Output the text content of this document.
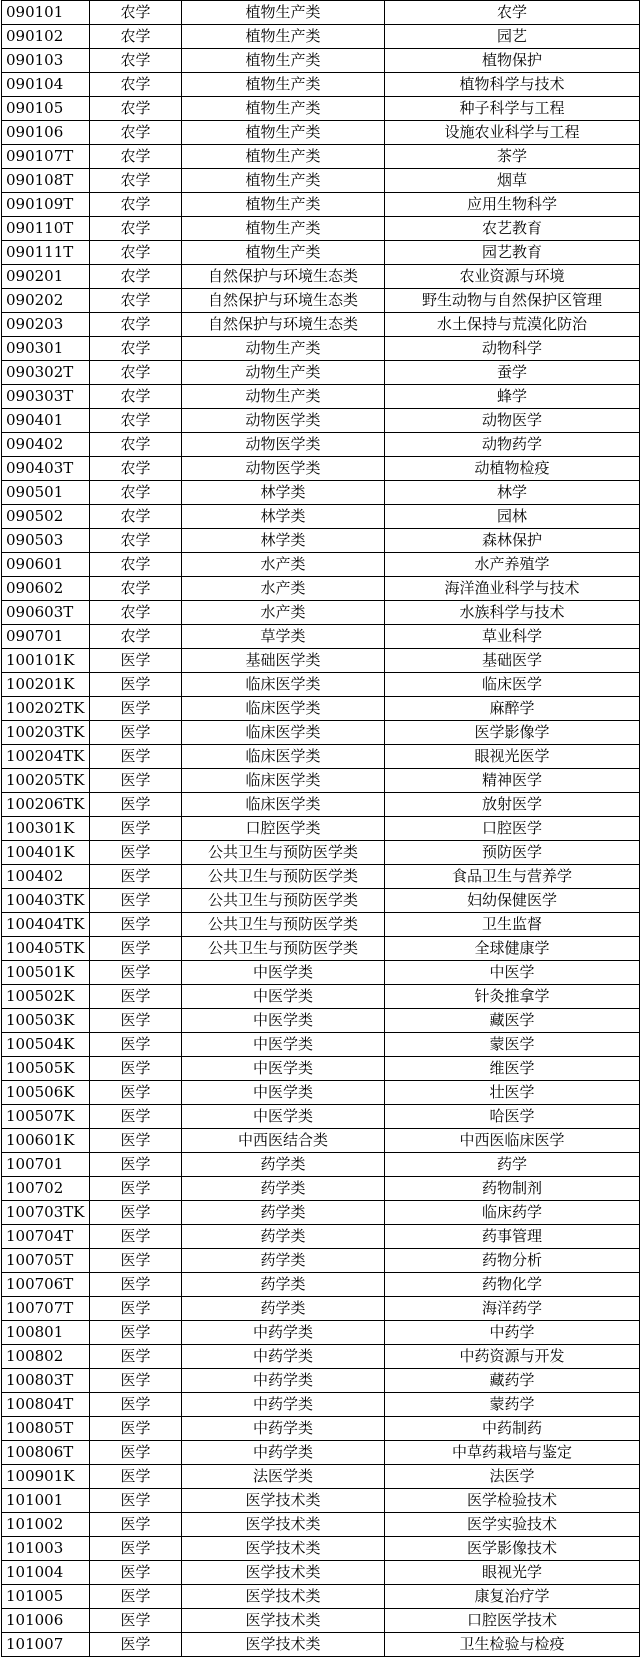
090101	农学	植物生产类	农学
090102	农学	植物生产类	园艺
090103	农学	植物生产类	植物保护
090104	农学	植物生产类	植物科学与技术
090105	农学	植物生产类	种子科学与工程
090106	农学	植物生产类	设施农业科学与工程
090107T	农学	植物生产类	茶学
090108T	农学	植物生产类	烟草
090109T	农学	植物生产类	应用生物科学
090110T	农学	植物生产类	农艺教育
090111T	农学	植物生产类	园艺教育
090201	农学	自然保护与环境生态类	农业资源与环境
090202	农学	自然保护与环境生态类	野生动物与自然保护区管理
090203	农学	自然保护与环境生态类	水土保持与荒漠化防治
090301	农学	动物生产类	动物科学
090302T	农学	动物生产类	蚕学
090303T	农学	动物生产类	蜂学
090401	农学	动物医学类	动物医学
090402	农学	动物医学类	动物药学
090403T	农学	动物医学类	动植物检疫
090501	农学	林学类	林学
090502	农学	林学类	园林
090503	农学	林学类	森林保护
090601	农学	水产类	水产养殖学
090602	农学	水产类	海洋渔业科学与技术
090603T	农学	水产类	水族科学与技术
090701	农学	草学类	草业科学
100101K	医学	基础医学类	基础医学
100201K	医学	临床医学类	临床医学
100202TK	医学	临床医学类	麻醉学
100203TK	医学	临床医学类	医学影像学
100204TK	医学	临床医学类	眼视光医学
100205TK	医学	临床医学类	精神医学
100206TK	医学	临床医学类	放射医学
100301K	医学	口腔医学类	口腔医学
100401K	医学	公共卫生与预防医学类	预防医学
100402	医学	公共卫生与预防医学类	食品卫生与营养学
100403TK	医学	公共卫生与预防医学类	妇幼保健医学
100404TK	医学	公共卫生与预防医学类	卫生监督
100405TK	医学	公共卫生与预防医学类	全球健康学
100501K	医学	中医学类	中医学
100502K	医学	中医学类	针灸推拿学
100503K	医学	中医学类	藏医学
100504K	医学	中医学类	蒙医学
100505K	医学	中医学类	维医学
100506K	医学	中医学类	壮医学
100507K	医学	中医学类	哈医学
100601K	医学	中西医结合类	中西医临床医学
100701	医学	药学类	药学
100702	医学	药学类	药物制剂
100703TK	医学	药学类	临床药学
100704T	医学	药学类	药事管理
100705T	医学	药学类	药物分析
100706T	医学	药学类	药物化学
100707T	医学	药学类	海洋药学
100801	医学	中药学类	中药学
100802	医学	中药学类	中药资源与开发
100803T	医学	中药学类	藏药学
100804T	医学	中药学类	蒙药学
100805T	医学	中药学类	中药制药
100806T	医学	中药学类	中草药栽培与鉴定
100901K	医学	法医学类	法医学
101001	医学	医学技术类	医学检验技术
101002	医学	医学技术类	医学实验技术
101003	医学	医学技术类	医学影像技术
101004	医学	医学技术类	眼视光学
101005	医学	医学技术类	康复治疗学
101006	医学	医学技术类	口腔医学技术
101007	医学	医学技术类	卫生检验与检疫
